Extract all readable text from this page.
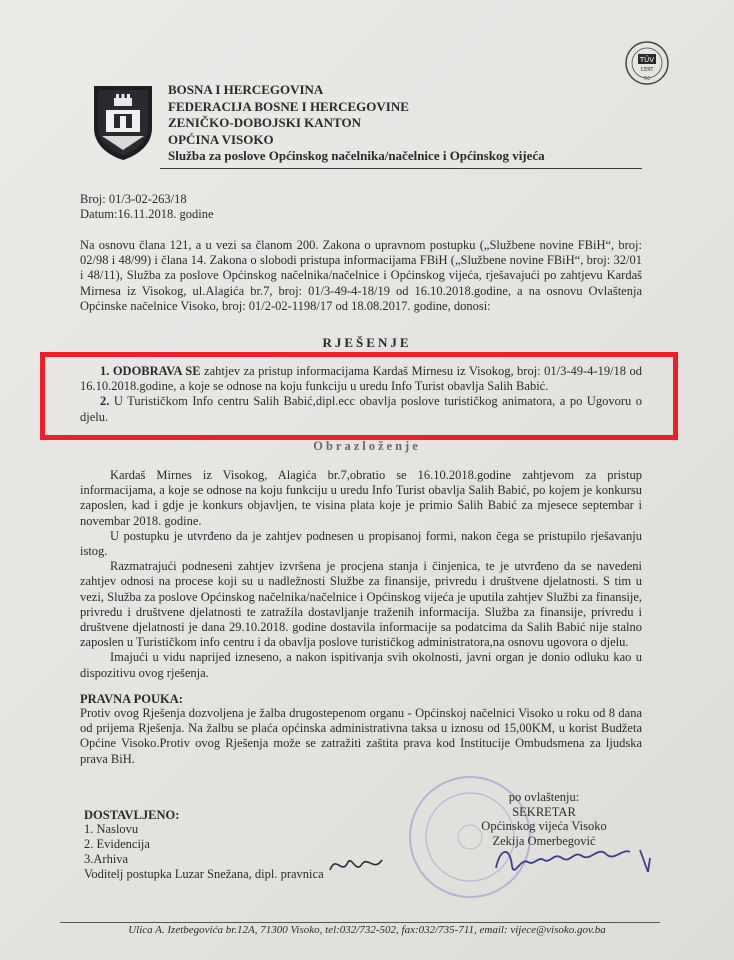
BOSNA I HERCEGOVINA
FEDERACIJA BOSNE I HERCEGOVINE
ZENIČKO-DOBOJSKI KANTON
OPĆINA VISOKO
Služba za poslove Općinskog načelnika/načelnice i Općinskog vijeća
TÜV
CERT
TIC
Broj: 01/3-02-263/18
Datum:16.11.2018. godine
Na osnovu člana 121, a u vezi sa članom 200. Zakona o upravnom postupku („Službene novine FBiH“, broj: 02/98 i 48/99) i člana 14. Zakona o slobodi pristupa informacijama FBiH („Službene novine FBiH“, broj: 32/01 i 48/11), Služba za poslove Općinskog načelnika/načelnice i Općinskog vijeća, rješavajući po zahtjevu Kardaš Mirnesa iz Visokog, ul.Alagića br.7, broj: 01/3-49-4-18/19 od 16.10.2018.godine, a na osnovu Ovlaštenja Općinske načelnice Visoko, broj: 01/2-02-1198/17 od 18.08.2017. godine, donosi:
RJEŠENJE
1. ODOBRAVA SE zahtjev za pristup informacijama Kardaš Mirnesu iz Visokog, broj: 01/3-49-4-19/18 od 16.10.2018.godine, a koje se odnose na koju funkciju u uredu Info Turist obavlja Salih Babić.
2. U Turističkom Info centru Salih Babić,dipl.ecc obavlja poslove turističkog animatora, a po Ugovoru o djelu.
Obrazloženje
Kardaš Mirnes iz Visokog, Alagića br.7,obratio se 16.10.2018.godine zahtjevom za pristup informacijama, a koje se odnose na koju funkciju u uredu Info Turist obavlja Salih Babić, po kojem je konkursu zaposlen, kad i gdje je konkurs objavljen, te visina plata koje je primio Salih Babić za mjesece septembar i novembar 2018. godine.
U postupku je utvrđeno da je zahtjev podnesen u propisanoj formi, nakon čega se pristupilo rješavanju istog.
Razmatrajući podneseni zahtjev izvršena je procjena stanja i činjenica, te je utvrđeno da se navedeni zahtjev odnosi na procese koji su u nadležnosti Službe za finansije, privredu i društvene djelatnosti. S tim u vezi, Služba za poslove Općinskog načelnika/načelnice i Općinskog vijeća je uputila zahtjev Službi za finansije, privredu i društvene djelatnosti te zatražila dostavljanje traženih informacija. Služba za finansije, privredu i društvene djelatnosti je dana 29.10.2018. godine dostavila informacije sa podatcima da Salih Babić nije stalno zaposlen u Turističkom info centru i da obavlja poslove turističkog administratora,na osnovu ugovora o djelu.
Imajući u vidu naprijed izneseno, a nakon ispitivanja svih okolnosti, javni organ je donio odluku kao u dispozitivu ovog rješenja.
PRAVNA POUKA:
Protiv ovog Rješenja dozvoljena je žalba drugostepenom organu - Općinskoj načelnici Visoko u roku od 8 dana od prijema Rješenja. Na žalbu se plaća općinska administrativna taksa u iznosu od 15,00KM, u korist Budžeta Općine Visoko.Protiv ovog Rješenja može se zatražiti zaštita prava kod Institucije Ombudsmena za ljudska prava BiH.
po ovlaštenju:
SEKRETAR
Općinskog vijeća Visoko
Zekija Omerbegović
DOSTAVLJENO:
1. Naslovu
2. Evidencija
3.Arhiva
Voditelj postupka Luzar Snežana, dipl. pravnica
Ulica A. Izetbegovića br.12A, 71300 Visoko, tel:032/732-502, fax:032/735-711, email: vijece@visoko.gov.ba
